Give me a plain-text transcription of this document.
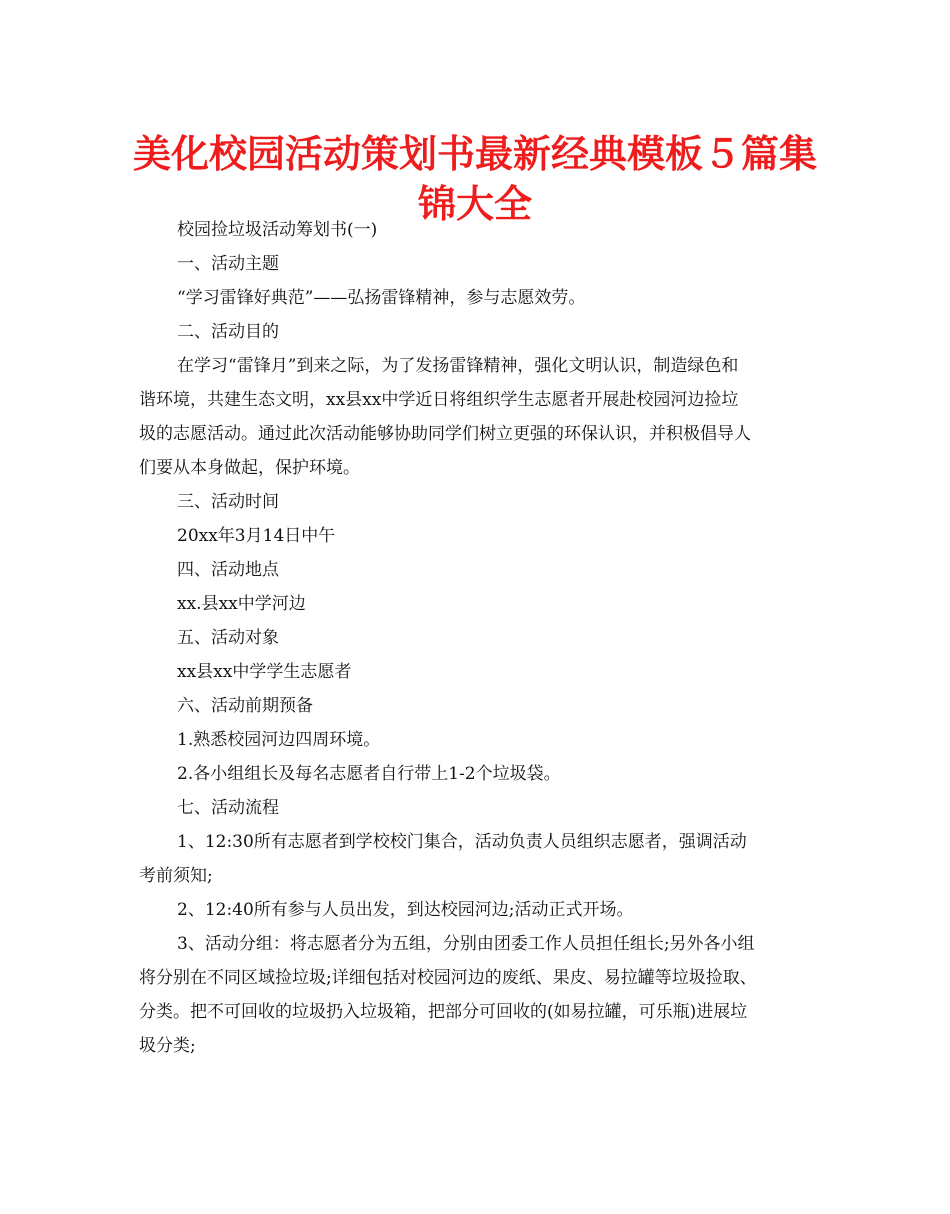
美化校园活动策划书最新经典模板５篇集
锦大全

校园捡垃圾活动筹划书(一)

一、活动主题

“学习雷锋好典范”——弘扬雷锋精神，参与志愿效劳。

二、活动目的

在学习“雷锋月”到来之际，为了发扬雷锋精神，强化文明认识，制造绿色和

谐环境，共建生态文明，xx县xx中学近日将组织学生志愿者开展赴校园河边捡垃

圾的志愿活动。通过此次活动能够协助同学们树立更强的环保认识，并积极倡导人

们要从本身做起，保护环境。

三、活动时间

20xx年3月14日中午

四、活动地点

xx.县xx中学河边

五、活动对象

xx县xx中学学生志愿者

六、活动前期预备

1.熟悉校园河边四周环境。

2.各小组组长及每名志愿者自行带上1-2个垃圾袋。

七、活动流程

1、12:30所有志愿者到学校校门集合，活动负责人员组织志愿者，强调活动

考前须知;

2、12:40所有参与人员出发，到达校园河边;活动正式开场。

3、活动分组：将志愿者分为五组，分别由团委工作人员担任组长;另外各小组

将分别在不同区域捡垃圾;详细包括对校园河边的废纸、果皮、易拉罐等垃圾捡取、

分类。把不可回收的垃圾扔入垃圾箱，把部分可回收的(如易拉罐，可乐瓶)进展垃

圾分类;
